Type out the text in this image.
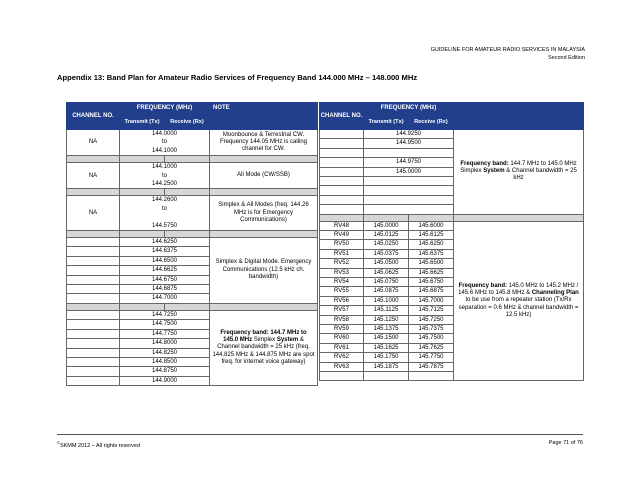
GUIDELINE FOR AMATEUR RADIO SERVICES IN MALAYSIA
Second Edition
Appendix 13: Band Plan for Amateur Radio Services of Frequency Band 144.000 MHz – 148.000 MHz
CHANNEL NO.	FREQUENCY (MHz)		NOTE
	Transmit (Tx)	Receive (Rx)	
NA	144.0000		Moonbounce & Terrestrial CW. Frequency 144.05 MHz is calling channel for CW.
	to		
	144.1000		

NA	144.1000		All Mode (CW/SSB)
	to		
	144.2500		

NA	144.2600		Simplex & All Modes (freq. 144.26 MHz is for Emergency Communications)
	to		

	144.5750		

	144.6250		Simplex & Digital Mode. Emergency Communications (12.5 kHz ch. bandwidth)
	144.6375		
	144.6500		
	144.6625		
	144.6750		
	144.6875		
	144.7000		

	144.7250		Frequency band: 144.7 MHz to 145.0 MHz Simplex System & Channel bandwidth = 25 kHz (freq. 144.825 MHz & 144.875 MHz are spot freq. for internet voice gateway)
	144.7500		
	144.7750		
	144.8000		
	144.8250		
	144.8500		
	144.8750		
	144.9000		
CHANNEL NO.	FREQUENCY (MHz)		
	Transmit (Tx)	Receive (Rx)	
	144.9250		Frequency band: 144.7 MHz to 145.0 MHz Simplex System & Channel bandwidth = 25 kHz
	144.9500		

	144.9750		
	145.0000		

RV48	145.0000	145.6000	Frequency band: 145.0 MHz to 145.2 MHz / 145.6 MHz to 145.8 MHz & Channeling Plan to be use from a repeater station (Tx/Rx separation = 0.6 MHz & channel bandwidth = 12.5 kHz)
RV49	145.0125	145.6125	
RV50	145.0250	145.6250	
RV51	145.0375	145.6375	
RV52	145.0500	145.6500	
RV53	145.0625	145.6625	
RV54	145.0750	145.6750	
RV55	145.0875	145.6875	
RV56	145.1000	145.7000	
RV57	145.1125	145.7125	
RV58	145.1250	145.7250	
RV59	145.1375	145.7375	
RV60	145.1500	145.7500	
RV61	145.1625	145.7625	
RV62	145.1750	145.7750	
RV63	145.1875	145.7875	

©SKMM 2012 – All rights reserved	Page 71 of 76
